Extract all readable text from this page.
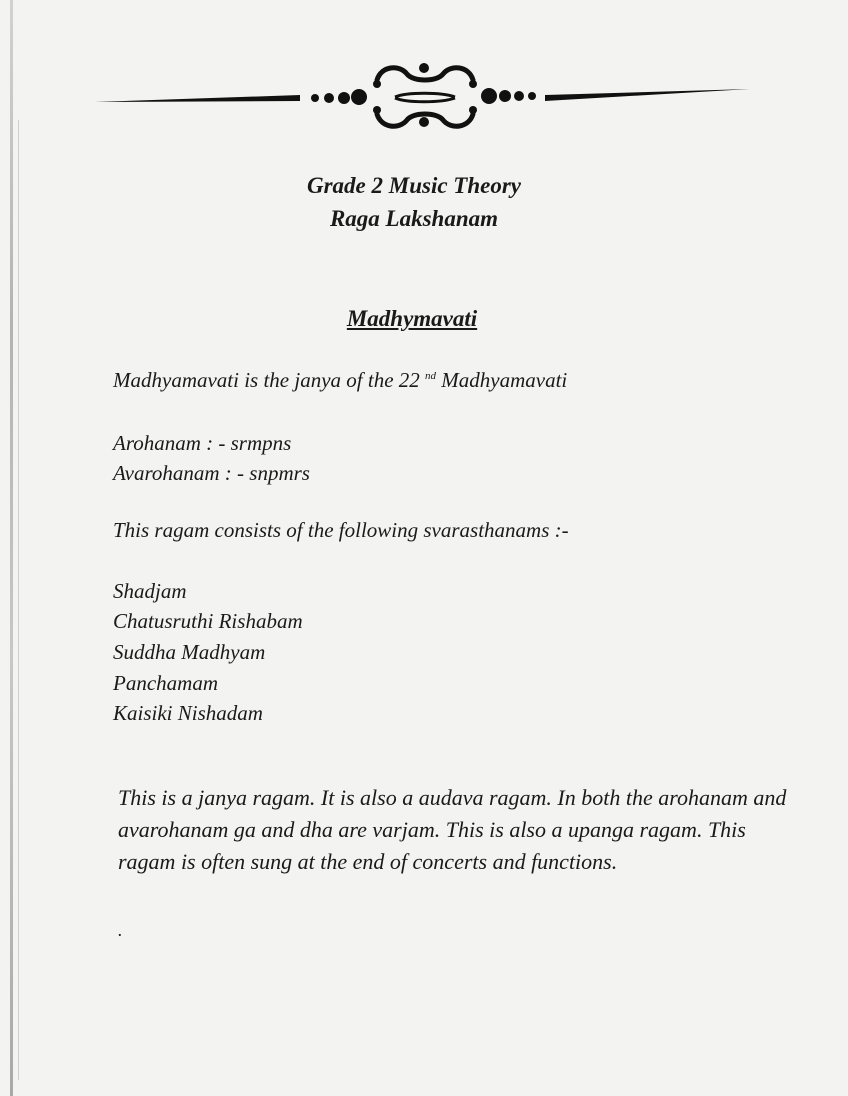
Grade 2 Music Theory
Raga Lakshanam
Madhymavati
Madhyamavati is the janya of the 22 $^{nd}$ Madhyamavati
Arohanam : - srmpns
Avarohanam : - snpmrs
This ragam consists of the following svarasthanams :-
Shadjam
Chatusruthi Rishabam
Suddha Madhyam
Panchamam
Kaisiki Nishadam
This is a janya ragam. It is also a audava ragam. In both the arohanam and avarohanam ga and dha are varjam. This is also a upanga ragam. This ragam is often sung at the end of concerts and functions.
.
